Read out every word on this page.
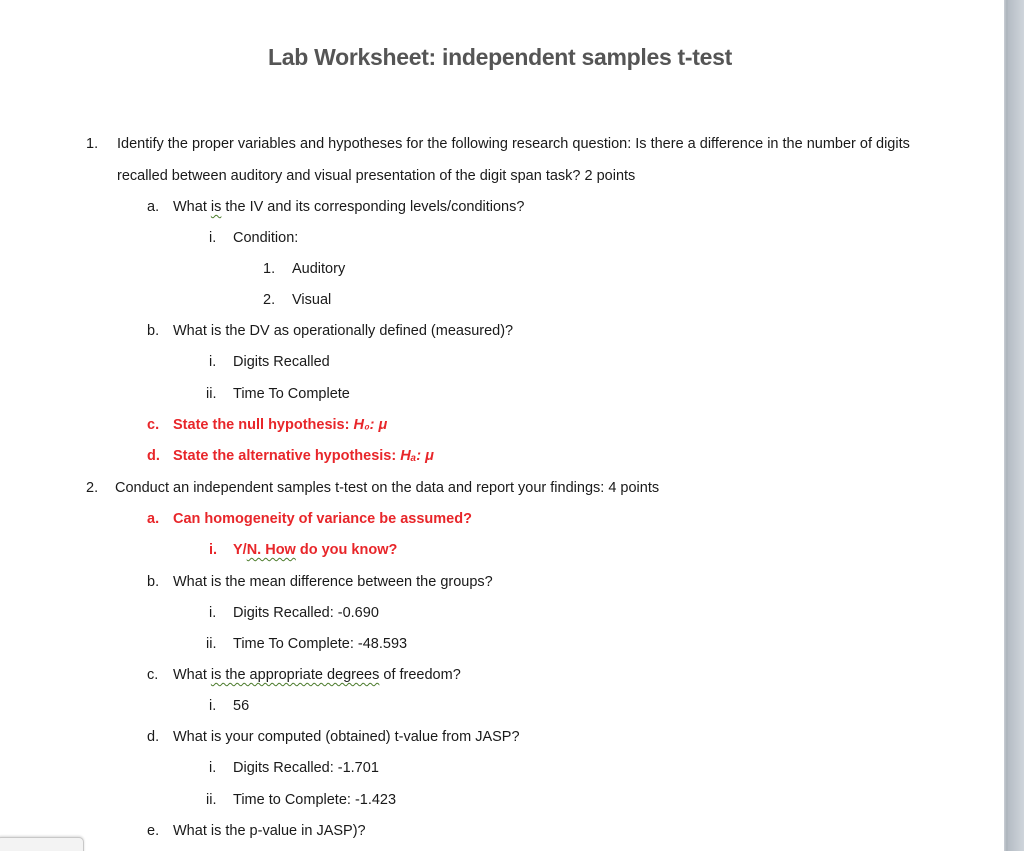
Lab Worksheet: independent samples t-test
1. Identify the proper variables and hypotheses for the following research question: Is there a difference in the number of digits
recalled between auditory and visual presentation of the digit span task? 2 points
a. What is the IV and its corresponding levels/conditions?
i. Condition:
1. Auditory
2. Visual
b. What is the DV as operationally defined (measured)?
i. Digits Recalled
ii. Time To Complete
c. State the null hypothesis: H₀: μ
d. State the alternative hypothesis: Hₐ: μ
2. Conduct an independent samples t-test on the data and report your findings: 4 points
a. Can homogeneity of variance be assumed?
i. Y/N. How do you know?
b. What is the mean difference between the groups?
i. Digits Recalled: -0.690
ii. Time To Complete: -48.593
c. What is the appropriate degrees of freedom?
i. 56
d. What is your computed (obtained) t-value from JASP?
i. Digits Recalled: -1.701
ii. Time to Complete: -1.423
e. What is the p-value in JASP)?
